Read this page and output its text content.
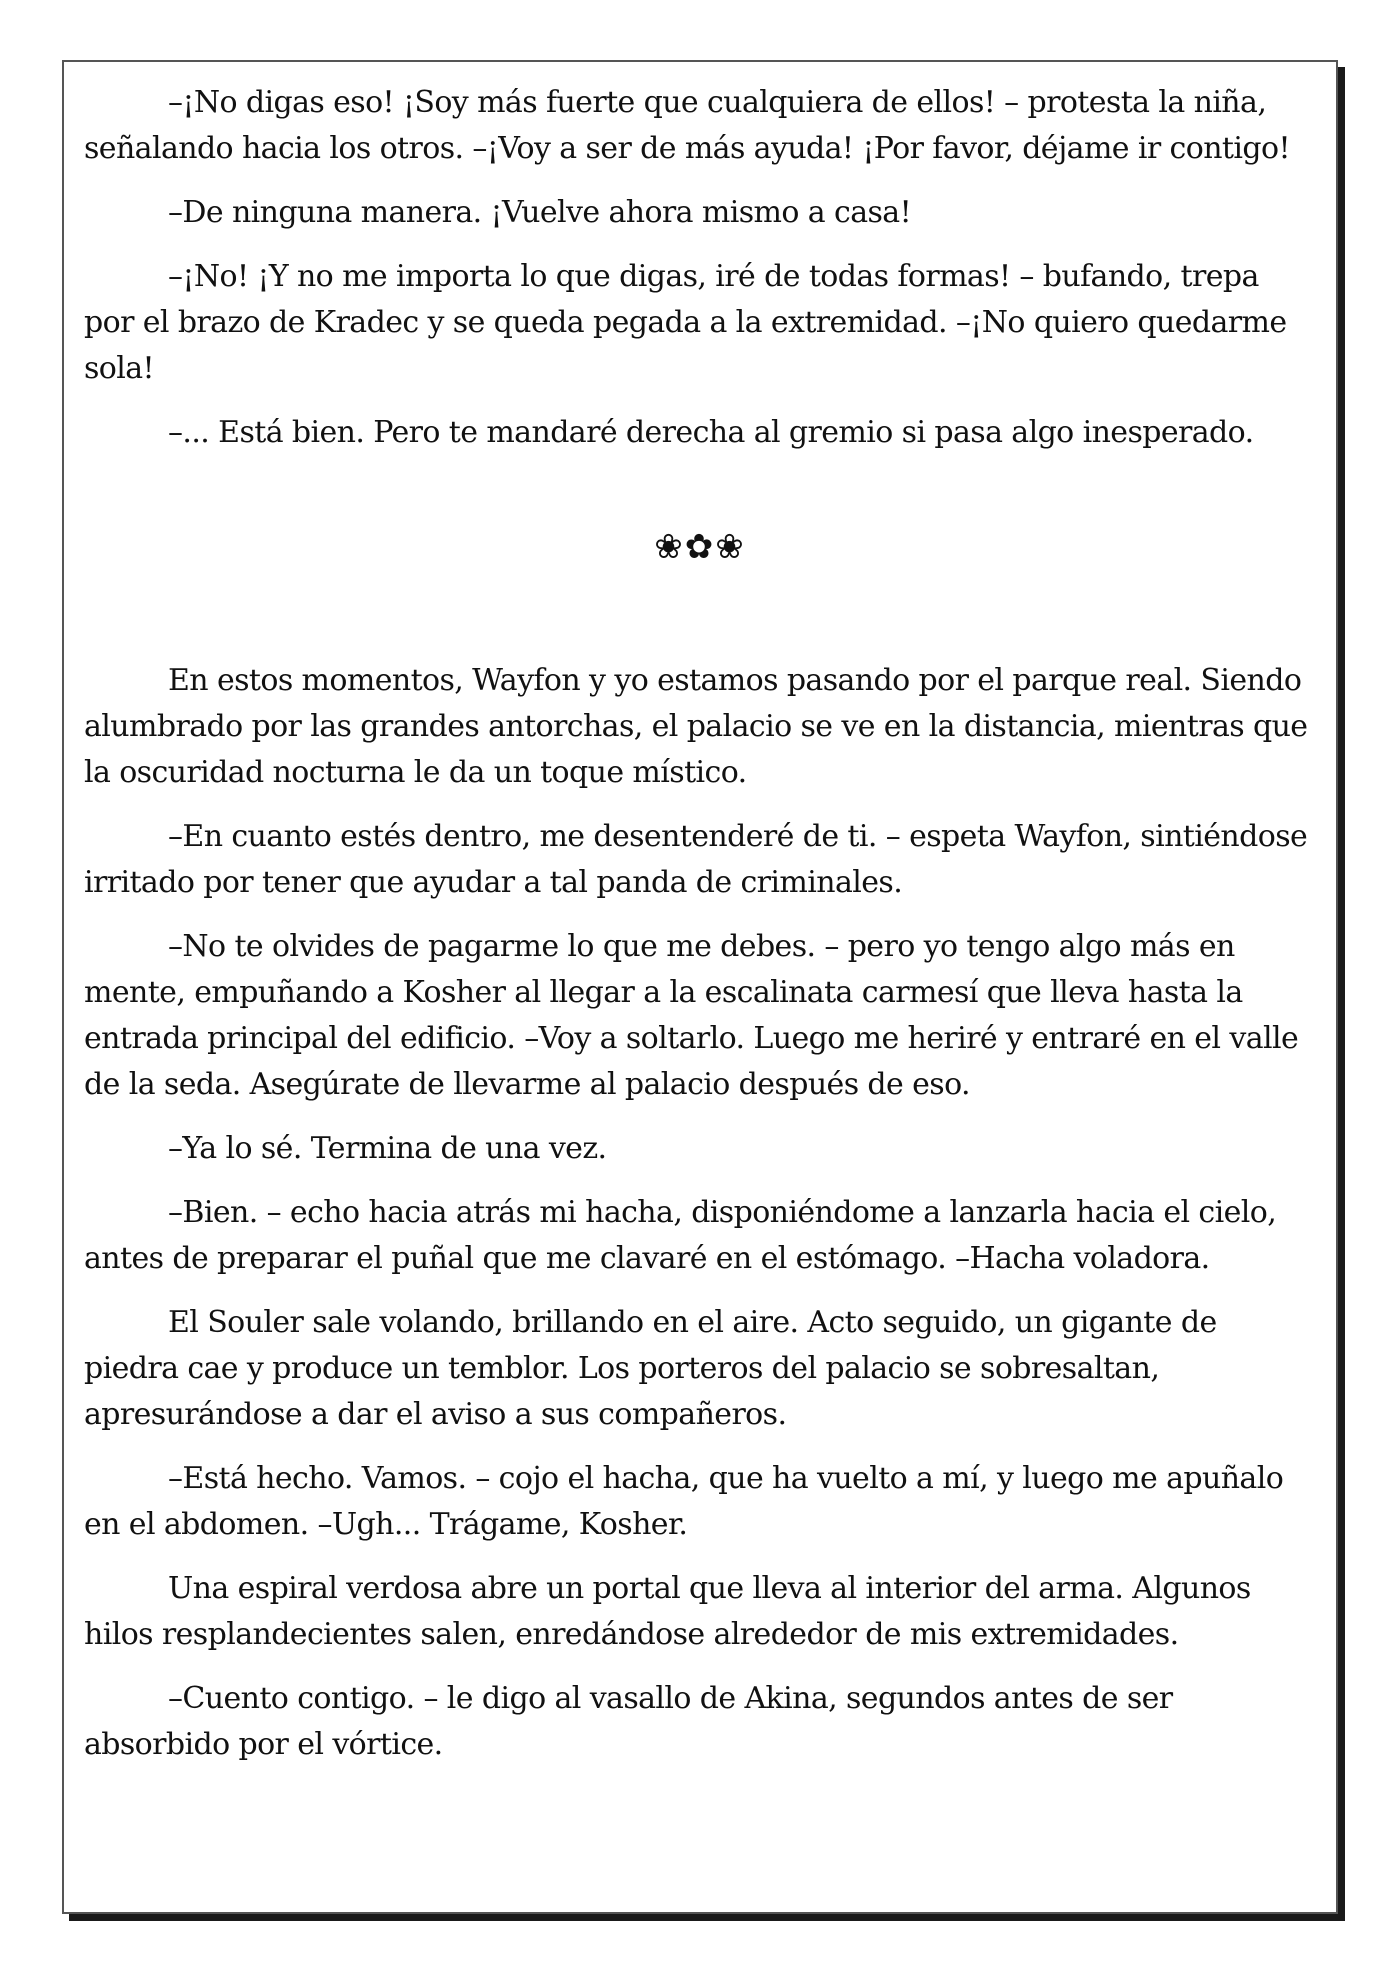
–¡No digas eso! ¡Soy más fuerte que cualquiera de ellos! – protesta la niña, señalando hacia los otros. –¡Voy a ser de más ayuda! ¡Por favor, déjame ir contigo!

–De ninguna manera. ¡Vuelve ahora mismo a casa!

–¡No! ¡Y no me importa lo que digas, iré de todas formas! – bufando, trepa por el brazo de Kradec y se queda pegada a la extremidad. –¡No quiero quedarme sola!

–... Está bien. Pero te mandaré derecha al gremio si pasa algo inesperado.

❀✿❀

En estos momentos, Wayfon y yo estamos pasando por el parque real. Siendo alumbrado por las grandes antorchas, el palacio se ve en la distancia, mientras que la oscuridad nocturna le da un toque místico.

–En cuanto estés dentro, me desentenderé de ti. – espeta Wayfon, sintiéndose irritado por tener que ayudar a tal panda de criminales.

–No te olvides de pagarme lo que me debes. – pero yo tengo algo más en mente, empuñando a Kosher al llegar a la escalinata carmesí que lleva hasta la entrada principal del edificio. –Voy a soltarlo. Luego me heriré y entraré en el valle de la seda. Asegúrate de llevarme al palacio después de eso.

–Ya lo sé. Termina de una vez.

–Bien. – echo hacia atrás mi hacha, disponiéndome a lanzarla hacia el cielo, antes de preparar el puñal que me clavaré en el estómago. –Hacha voladora.

El Souler sale volando, brillando en el aire. Acto seguido, un gigante de piedra cae y produce un temblor. Los porteros del palacio se sobresaltan, apresurándose a dar el aviso a sus compañeros.

–Está hecho. Vamos. – cojo el hacha, que ha vuelto a mí, y luego me apuñalo en el abdomen. –Ugh... Trágame, Kosher.

Una espiral verdosa abre un portal que lleva al interior del arma. Algunos hilos resplandecientes salen, enredándose alrededor de mis extremidades.

–Cuento contigo. – le digo al vasallo de Akina, segundos antes de ser absorbido por el vórtice.
